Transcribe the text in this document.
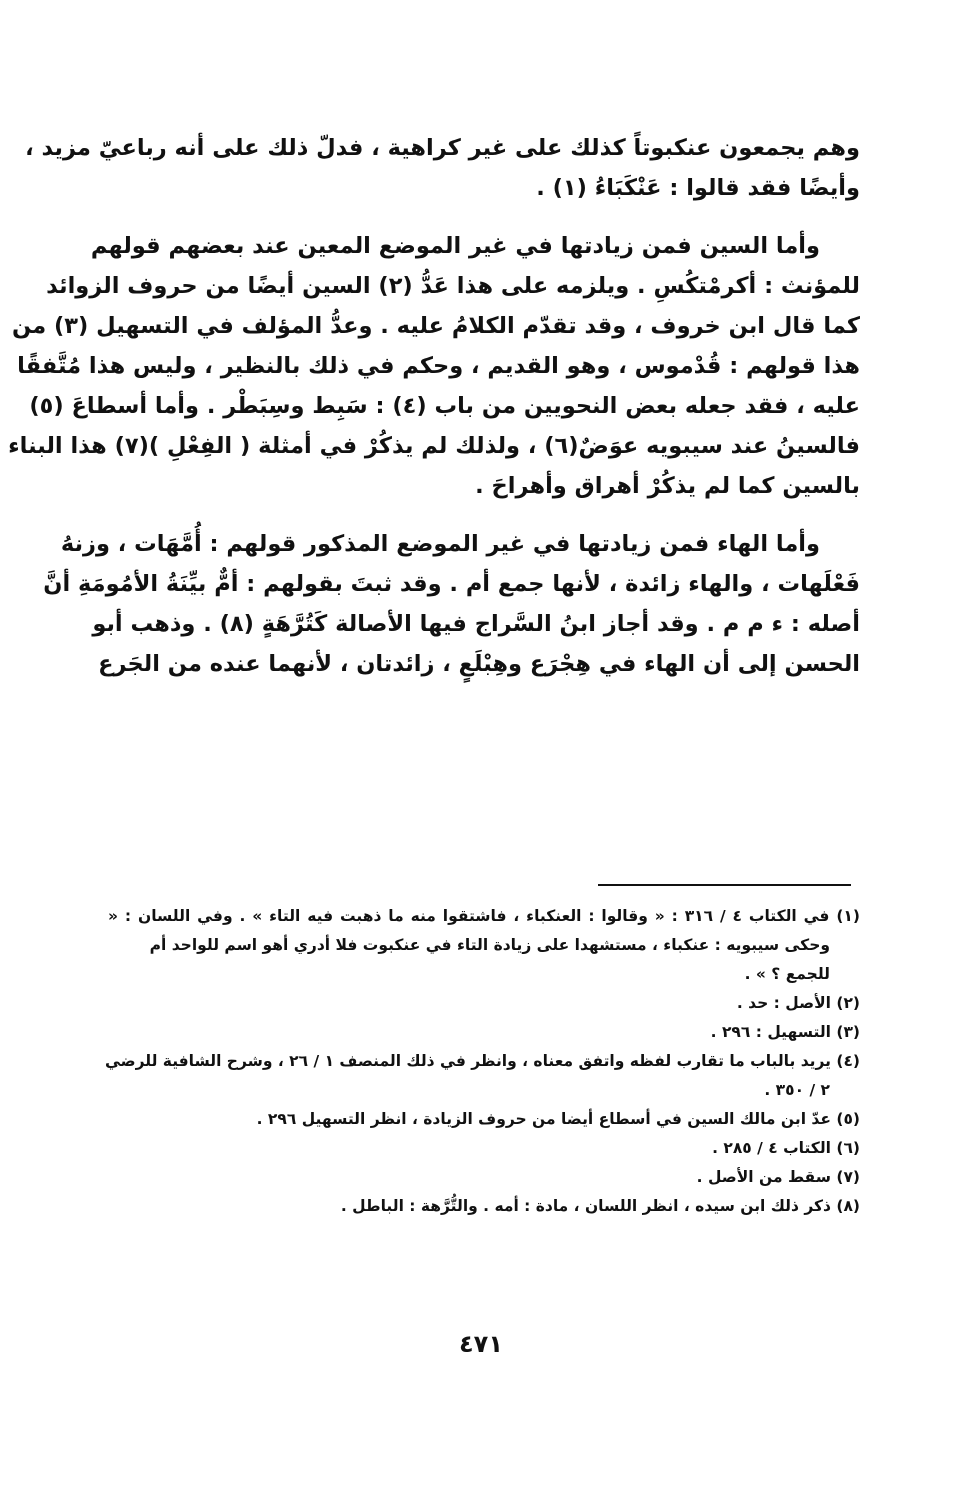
وهم يجمعون عنكبوتاً كذلك على غير كراهية ، فدلّ ذلك على أنه رباعيّ مزيد ،
وأيضًا فقد قالوا : عَنْكَبَاءُ (١) .

وأما السين فمن زيادتها في غير الموضع المعين عند بعضهم قولهم
للمؤنث : أكرمْتكُسِ . ويلزمه على هذا عَدُّ (٢) السين أيضًا من حروف الزوائد
كما قال ابن خروف ، وقد تقدّم الكلامُ عليه . وعدُّ المؤلف في التسهيل (٣) من
هذا قولهم : قُدْموس ، وهو القديم ، وحكم في ذلك بالنظير ، وليس هذا مُتَّفقًا
عليه ، فقد جعله بعض النحويين من باب (٤) : سَبِط وسِبَطْر . وأما أسطاعَ (٥)
فالسينُ عند سيبويه عوَضٌ(٦) ، ولذلك لم يذكُرْ في أمثلة ( الفِعْلِ )(٧) هذا البناء
بالسين كما لم يذكُرْ أهراق وأهراحَ .

وأما الهاء فمن زيادتها في غير الموضع المذكور قولهم : أُمَّهَات ، وزنهُ
فَعْلَهات ، والهاء زائدة ، لأنها جمع أم . وقد ثبتَ بقولهم : أمٌّ بيِّنَةُ الأمُومَةِ أنَّ
أصله : ء م م . وقد أجاز ابنُ السَّراج فيها الأصالة كَتُرَّهَةٍ (٨) . وذهب أبو
الحسن إلى أن الهاء في هِجْرَع وهِبْلَعٍ ، زائدتان ، لأنهما عنده من الجَرع

(١) في الكتاب ٤ / ٣١٦ : « وقالوا : العنكباء ، فاشتقوا منه ما ذهبت فيه التاء » . وفي اللسان : «
وحكى سيبويه : عنكباء ، مستشهدا على زيادة التاء في عنكبوت فلا أدري أهو اسم للواحد أم
للجمع ؟ » .
(٢) الأصل : حد .
(٣) التسهيل : ٢٩٦ .
(٤) يريد بالباب ما تقارب لفظه واتفق معناه ، وانظر في ذلك المنصف ١ / ٢٦ ، وشرح الشافية للرضي
٢ / ٣٥٠ .
(٥) عدّ ابن مالك السين في أسطاع أيضا من حروف الزيادة ، انظر التسهيل ٢٩٦ .
(٦) الكتاب ٤ / ٢٨٥ .
(٧) سقط من الأصل .
(٨) ذكر ذلك ابن سيده ، انظر اللسان ، مادة : أمه . والتُّرَّهة : الباطل .
٤٧١
